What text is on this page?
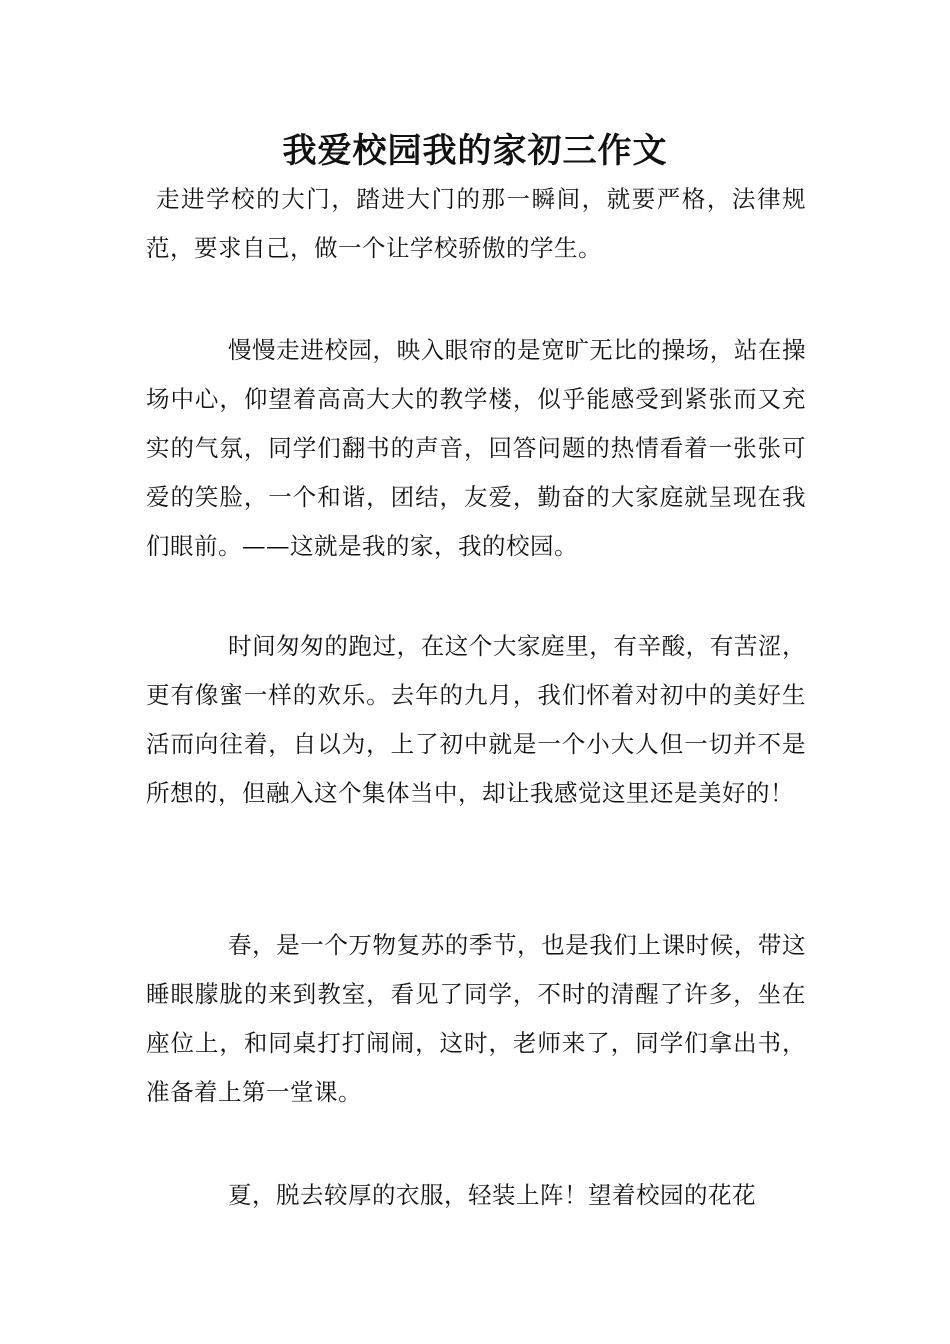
我爱校园我的家初三作文

走进学校的大门，踏进大门的那一瞬间，就要严格，法律规范，要求自己，做一个让学校骄傲的学生。

慢慢走进校园，映入眼帘的是宽旷无比的操场，站在操场中心，仰望着高高大大的教学楼，似乎能感受到紧张而又充实的气氛，同学们翻书的声音，回答问题的热情看着一张张可爱的笑脸，一个和谐，团结，友爱，勤奋的大家庭就呈现在我们眼前。——这就是我的家，我的校园。

时间匆匆的跑过，在这个大家庭里，有辛酸，有苦涩，更有像蜜一样的欢乐。去年的九月，我们怀着对初中的美好生活而向往着，自以为，上了初中就是一个小大人但一切并不是所想的，但融入这个集体当中，却让我感觉这里还是美好的！

春，是一个万物复苏的季节，也是我们上课时候，带这睡眼朦胧的来到教室，看见了同学，不时的清醒了许多，坐在座位上，和同桌打打闹闹，这时，老师来了，同学们拿出书，准备着上第一堂课。

夏，脱去较厚的衣服，轻装上阵！望着校园的花花
